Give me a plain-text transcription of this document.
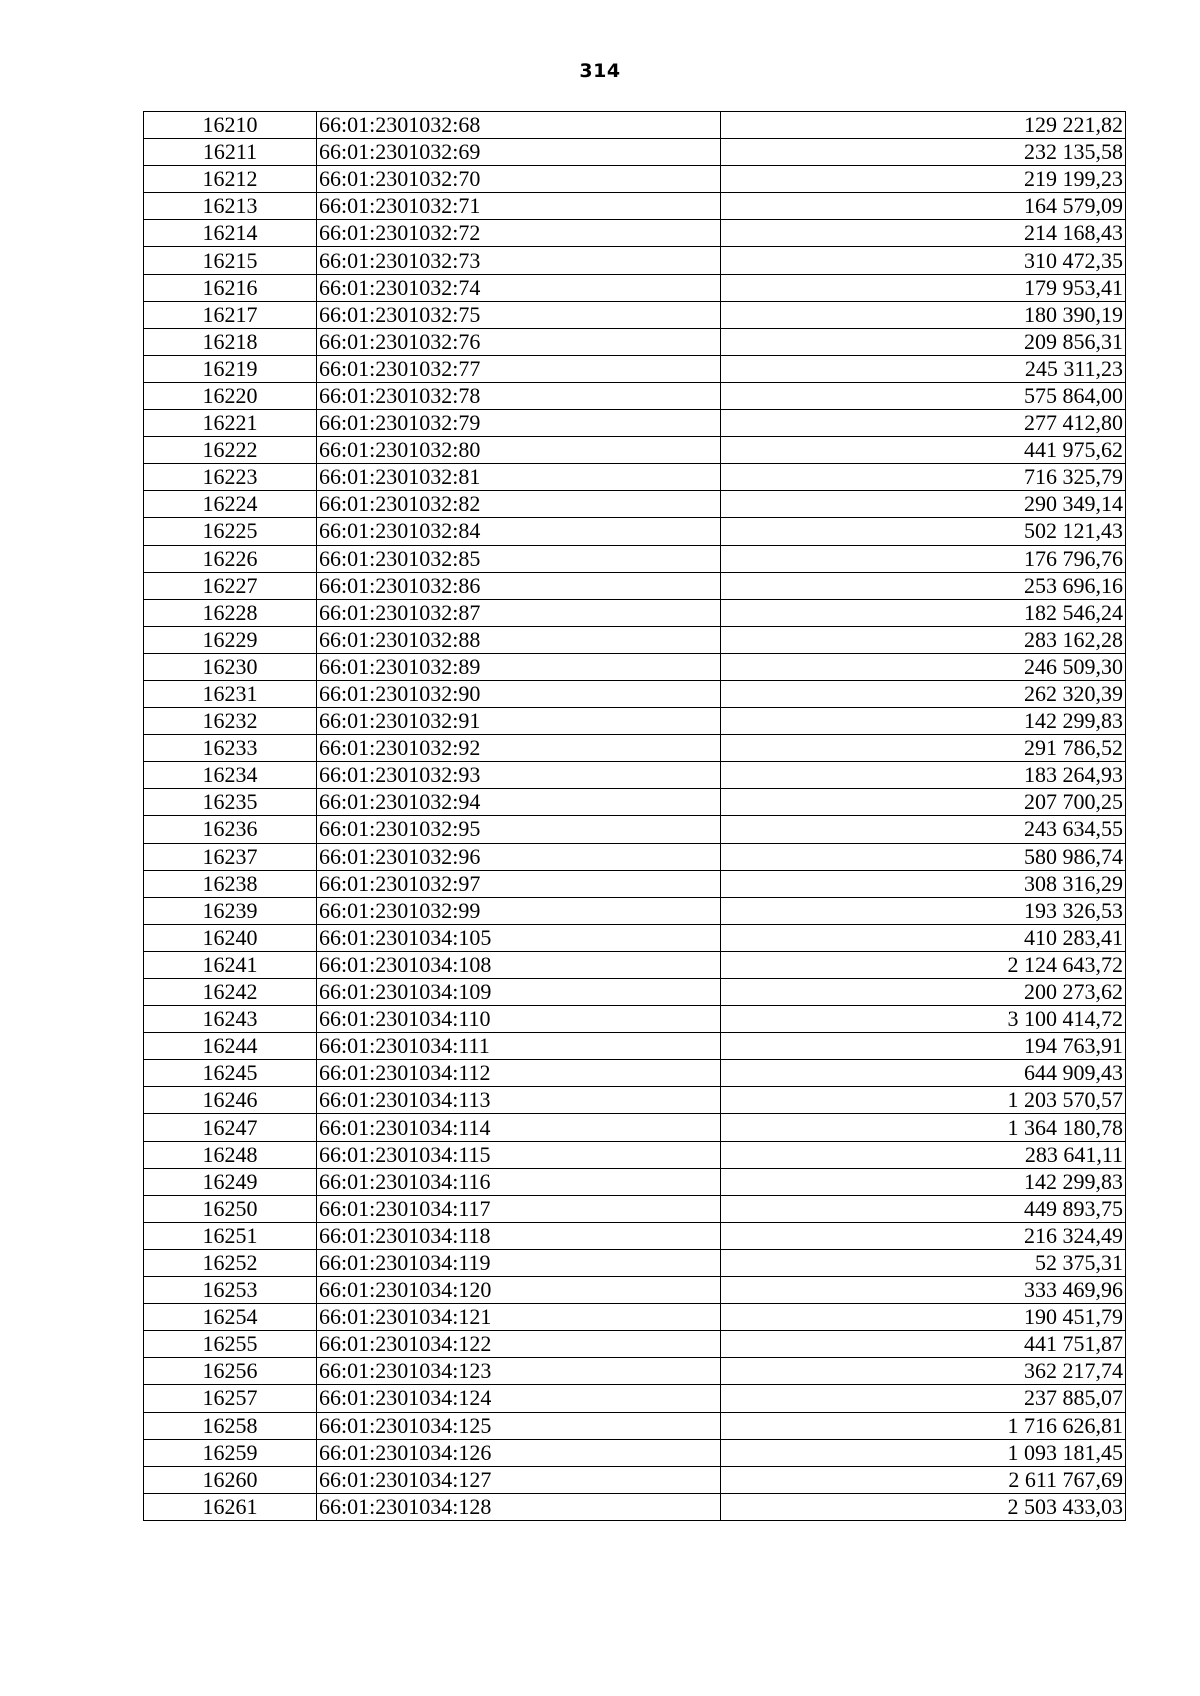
314
16210	66:01:2301032:68	129 221,82
16211	66:01:2301032:69	232 135,58
16212	66:01:2301032:70	219 199,23
16213	66:01:2301032:71	164 579,09
16214	66:01:2301032:72	214 168,43
16215	66:01:2301032:73	310 472,35
16216	66:01:2301032:74	179 953,41
16217	66:01:2301032:75	180 390,19
16218	66:01:2301032:76	209 856,31
16219	66:01:2301032:77	245 311,23
16220	66:01:2301032:78	575 864,00
16221	66:01:2301032:79	277 412,80
16222	66:01:2301032:80	441 975,62
16223	66:01:2301032:81	716 325,79
16224	66:01:2301032:82	290 349,14
16225	66:01:2301032:84	502 121,43
16226	66:01:2301032:85	176 796,76
16227	66:01:2301032:86	253 696,16
16228	66:01:2301032:87	182 546,24
16229	66:01:2301032:88	283 162,28
16230	66:01:2301032:89	246 509,30
16231	66:01:2301032:90	262 320,39
16232	66:01:2301032:91	142 299,83
16233	66:01:2301032:92	291 786,52
16234	66:01:2301032:93	183 264,93
16235	66:01:2301032:94	207 700,25
16236	66:01:2301032:95	243 634,55
16237	66:01:2301032:96	580 986,74
16238	66:01:2301032:97	308 316,29
16239	66:01:2301032:99	193 326,53
16240	66:01:2301034:105	410 283,41
16241	66:01:2301034:108	2 124 643,72
16242	66:01:2301034:109	200 273,62
16243	66:01:2301034:110	3 100 414,72
16244	66:01:2301034:111	194 763,91
16245	66:01:2301034:112	644 909,43
16246	66:01:2301034:113	1 203 570,57
16247	66:01:2301034:114	1 364 180,78
16248	66:01:2301034:115	283 641,11
16249	66:01:2301034:116	142 299,83
16250	66:01:2301034:117	449 893,75
16251	66:01:2301034:118	216 324,49
16252	66:01:2301034:119	52 375,31
16253	66:01:2301034:120	333 469,96
16254	66:01:2301034:121	190 451,79
16255	66:01:2301034:122	441 751,87
16256	66:01:2301034:123	362 217,74
16257	66:01:2301034:124	237 885,07
16258	66:01:2301034:125	1 716 626,81
16259	66:01:2301034:126	1 093 181,45
16260	66:01:2301034:127	2 611 767,69
16261	66:01:2301034:128	2 503 433,03
